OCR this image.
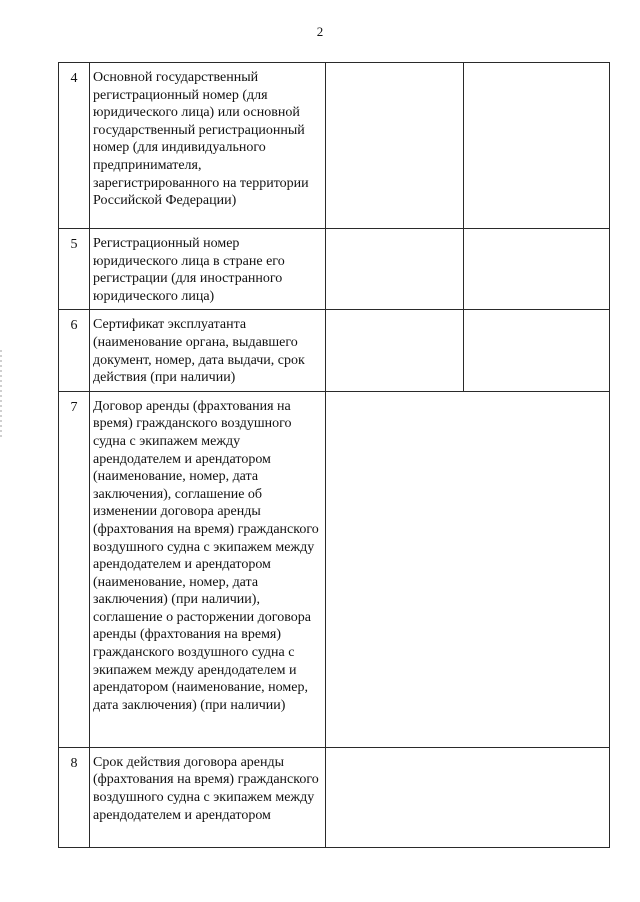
2
4	Основной государственный регистрационный номер (для юридического лица) или основной государственный регистрационный номер (для индивидуального предпринимателя, зарегистрированного на территории Российской Федерации)		
5	Регистрационный номер юридического лица в стране его регистрации (для иностранного юридического лица)		
6	Сертификат эксплуатанта (наименование органа, выдавшего документ, номер, дата выдачи, срок действия (при наличии)		
7	Договор аренды (фрахтования на время) гражданского воздушного судна с экипажем между арендодателем и арендатором (наименование, номер, дата заключения), соглашение об изменении договора аренды (фрахтования на время) гражданского воздушного судна с экипажем между арендодателем и арендатором (наименование, номер, дата заключения) (при наличии), соглашение о расторжении договора аренды (фрахтования на время) гражданского воздушного судна с экипажем между арендодателем и арендатором (наименование, номер, дата заключения) (при наличии)		
8	Срок действия договора аренды (фрахтования на время) гражданского воздушного судна с экипажем между арендодателем и арендатором		
